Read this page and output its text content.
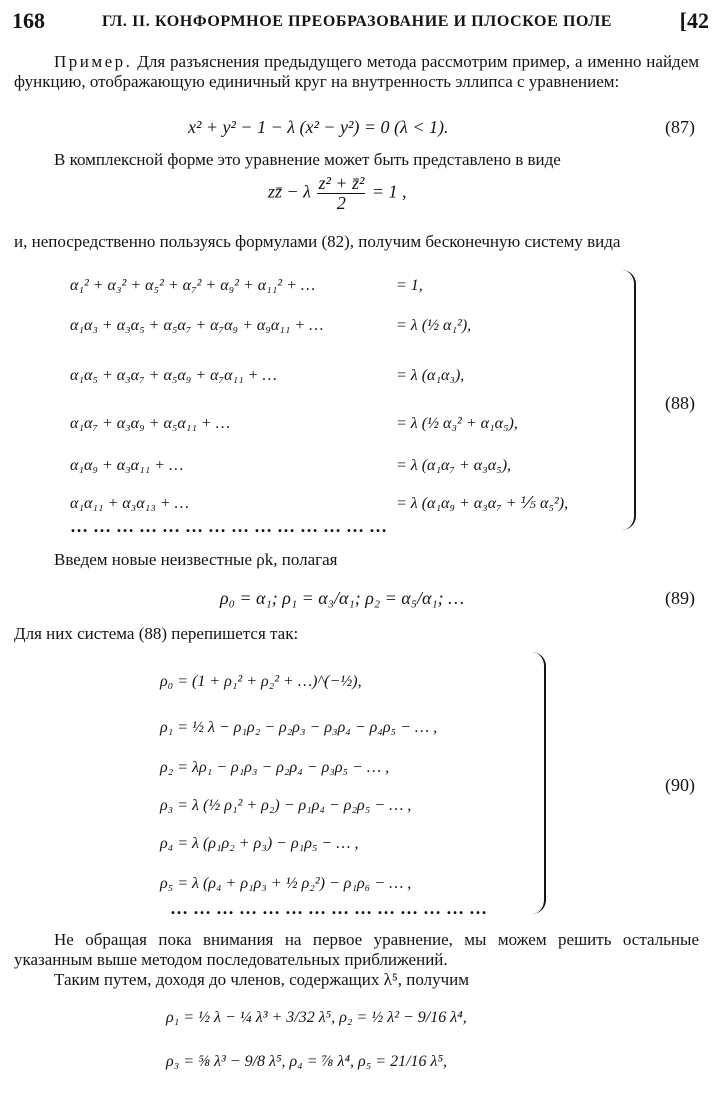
168	ГЛ. II. КОНФОРМНОЕ ПРЕОБРАЗОВАНИЕ И ПЛОСКОЕ ПОЛЕ	[42
Пример. Для разъяснения предыдущего метода рассмотрим пример, а именно найдем функцию, отображающую единичный круг на внутренность эллипса с уравнением:
x² + y² − 1 − λ (x² − y²) = 0 (λ < 1).	(87)
В комплексной форме это уравнение может быть представлено в виде
zz̄ − λ $\frac{\text{z² + z̄²}}{2} = 1$ ,
и, непосредственно пользуясь формулами (82), получим бесконечную систему вида
α₁² + α₃² + α₅² + α₇² + α₉² + α₁₁² + …	= 1,
α₁α₃ + α₃α₅ + α₅α₇ + α₇α₉ + α₉α₁₁ + …	= λ (½ α₁²),
α₁α₅ + α₃α₇ + α₅α₉ + α₇α₁₁ + …	= λ (α₁α₃),
α₁α₇ + α₃α₉ + α₅α₁₁ + …	= λ (½ α₃² + α₁α₅),
α₁α₉ + α₃α₁₁ + …	= λ (α₁α₇ + α₃α₅),
α₁α₁₁ + α₃α₁₃ + …	= λ (α₁α₉ + α₃α₇ + ⅕ α₅²),
……………………………………
(88)
Введем новые неизвестные ρk, полагая
ρ₀ = α₁; ρ₁ = α₃/α₁; ρ₂ = α₅/α₁; …	(89)
Для них система (88) перепишется так:
ρ₀ = (1 + ρ₁² + ρ₂² + …)^(−½),
ρ₁ = ½ λ − ρ₁ρ₂ − ρ₂ρ₃ − ρ₃ρ₄ − ρ₄ρ₅ − … ,
ρ₂ = λρ₁ − ρ₁ρ₃ − ρ₂ρ₄ − ρ₃ρ₅ − … ,
ρ₃ = λ (½ ρ₁² + ρ₂) − ρ₁ρ₄ − ρ₂ρ₅ − … ,
ρ₄ = λ (ρ₁ρ₂ + ρ₃) − ρ₁ρ₅ − … ,
ρ₅ = λ (ρ₄ + ρ₁ρ₃ + ½ ρ₂²) − ρ₁ρ₆ − … ,
……………………………………
(90)
Не обращая пока внимания на первое уравнение, мы можем решить остальные указанным выше методом последовательных приближений.
Таким путем, доходя до членов, содержащих λ⁵, получим
ρ₁ = ½ λ − ¼ λ³ + 3/32 λ⁵, ρ₂ = ½ λ² − 9/16 λ⁴,
ρ₃ = ⅝ λ³ − 9/8 λ⁵, ρ₄ = ⅞ λ⁴, ρ₅ = 21/16 λ⁵,
